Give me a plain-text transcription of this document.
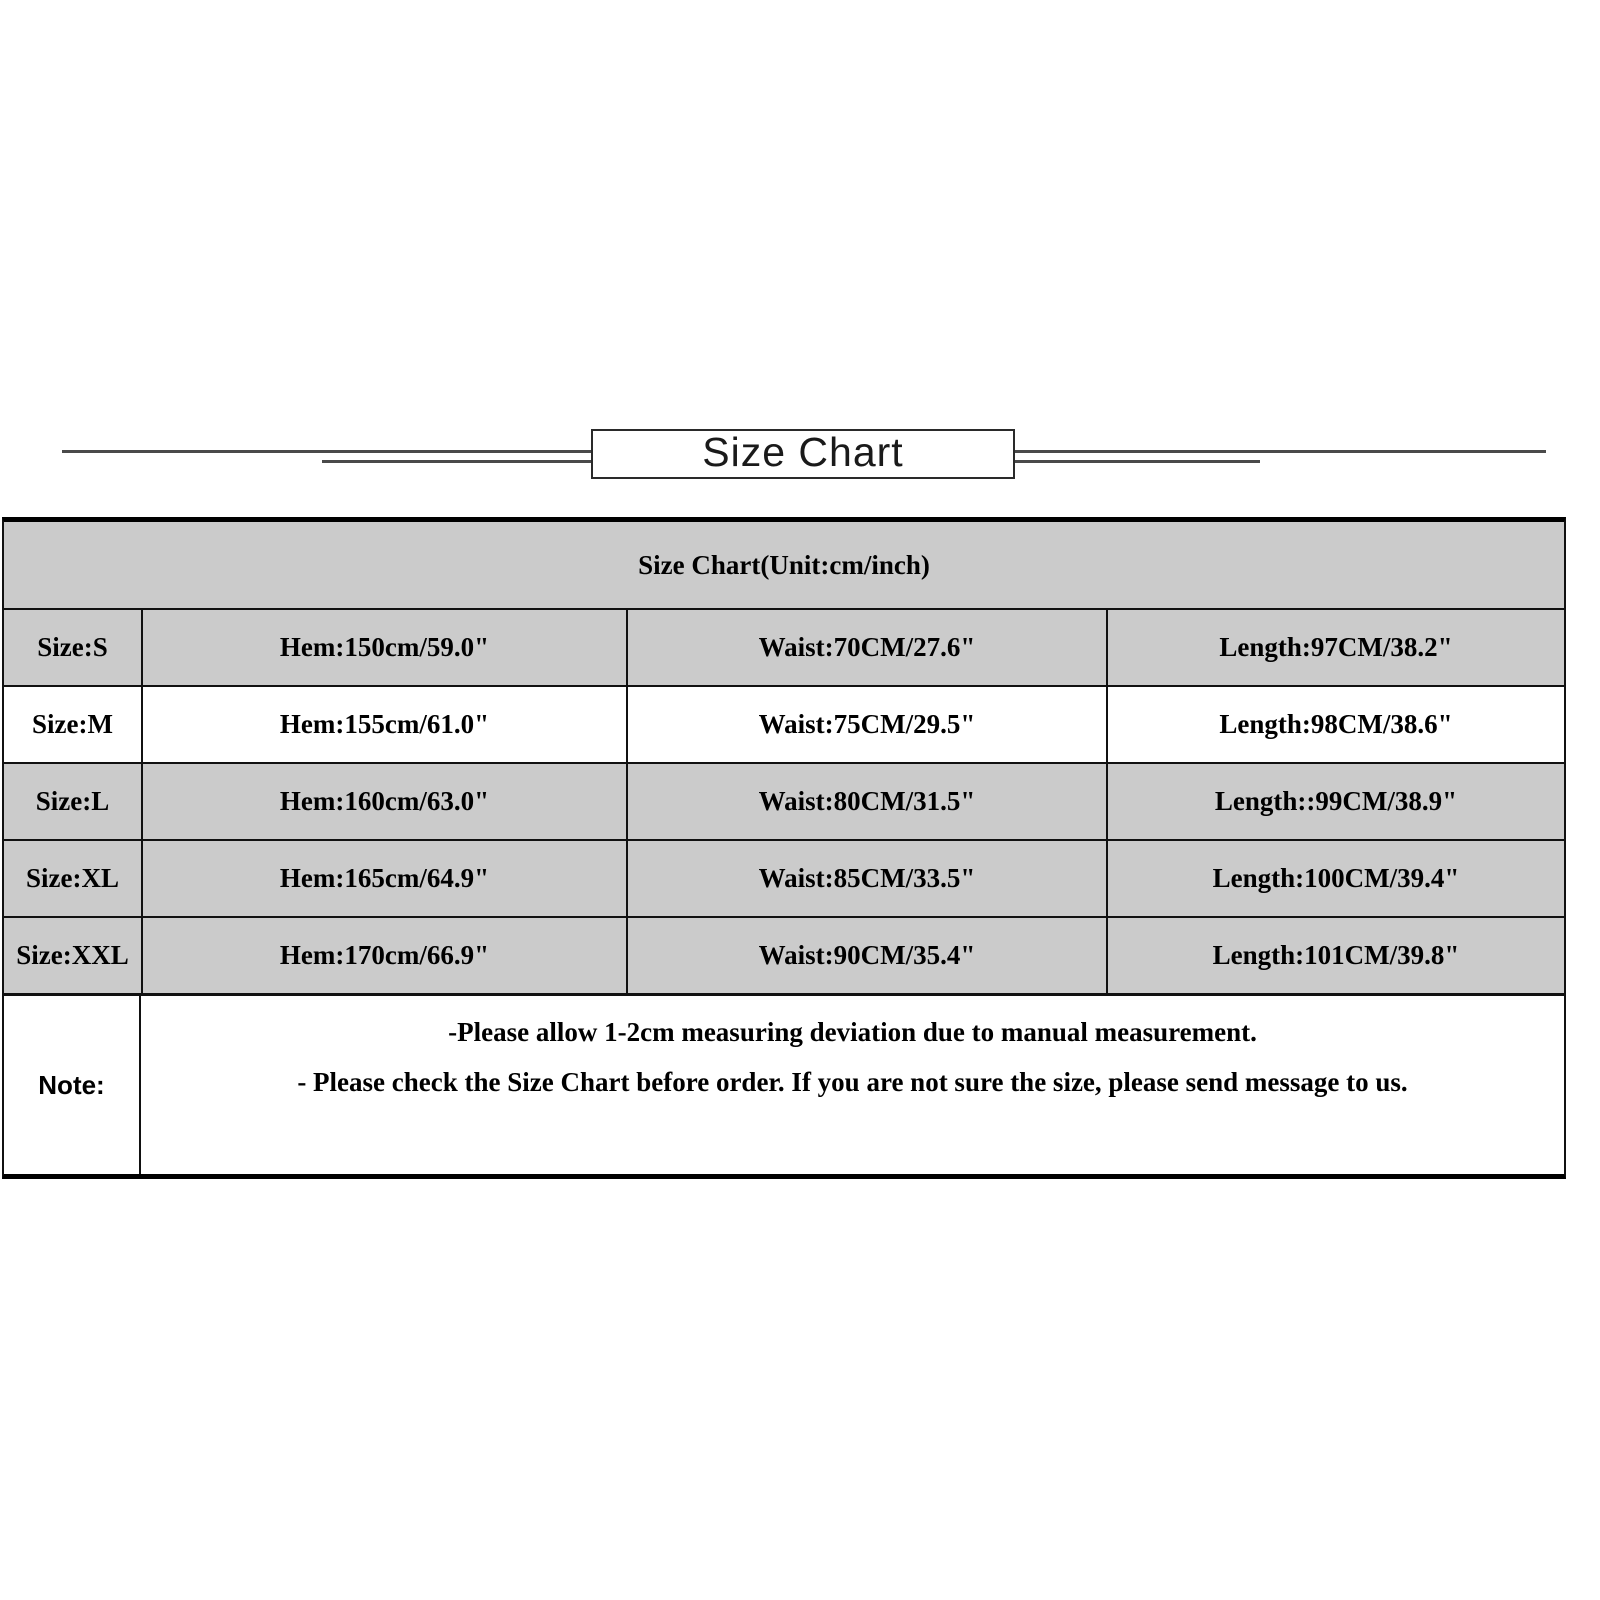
Size Chart
Size Chart(Unit:cm/inch)
Size:S	Hem:150cm/59.0"	Waist:70CM/27.6"	Length:97CM/38.2"
Size:M	Hem:155cm/61.0"	Waist:75CM/29.5"	Length:98CM/38.6"
Size:L	Hem:160cm/63.0"	Waist:80CM/31.5"	Length::99CM/38.9"
Size:XL	Hem:165cm/64.9"	Waist:85CM/33.5"	Length:100CM/39.4"
Size:XXL	Hem:170cm/66.9"	Waist:90CM/35.4"	Length:101CM/39.8"
Note:
-Please allow 1-2cm measuring deviation due to manual measurement.
- Please check the Size Chart before order. If you are not sure the size, please send message to us.
